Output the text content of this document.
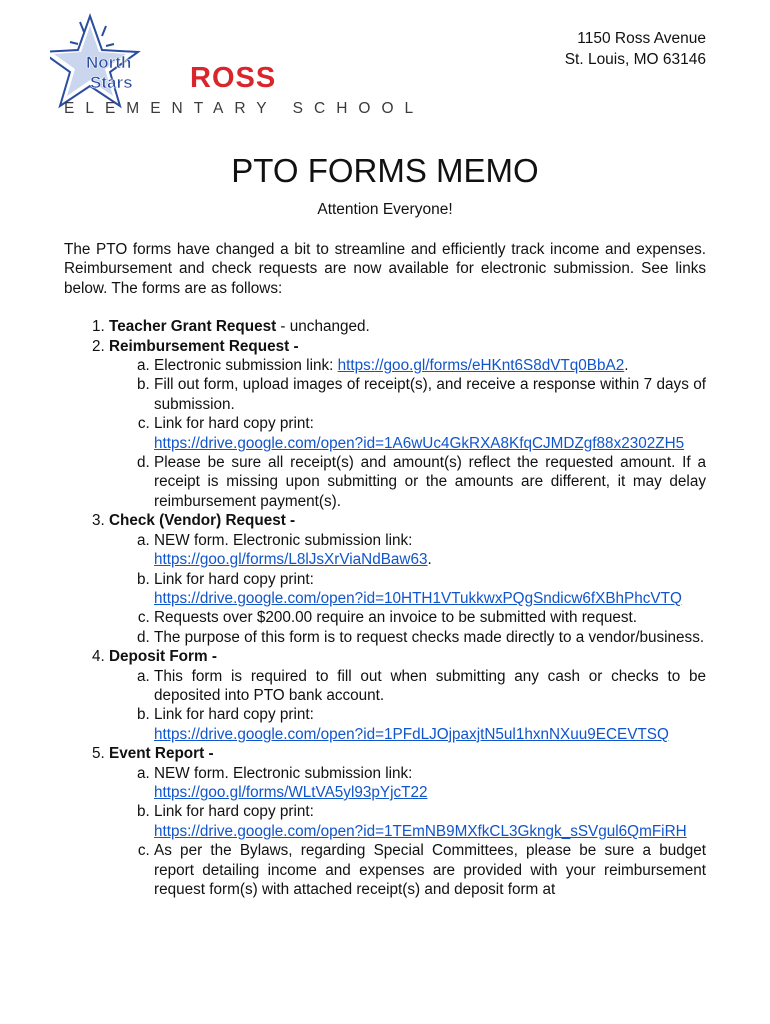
North
Stars ROSS
ELEMENTARY SCHOOL
1150 Ross Avenue
St. Louis, MO 63146
PTO FORMS MEMO
Attention Everyone!

The PTO forms have changed a bit to streamline and efficiently track income and expenses. Reimbursement and check requests are now available for electronic submission. See links below. The forms are as follows:

1. Teacher Grant Request - unchanged.
2. Reimbursement Request -
a. Electronic submission link: https://goo.gl/forms/eHKnt6S8dVTq0BbA2.
b. Fill out form, upload images of receipt(s), and receive a response within 7 days of submission.
c. Link for hard copy print:
https://drive.google.com/open?id=1A6wUc4GkRXA8KfqCJMDZgf88x2302ZH5
d. Please be sure all receipt(s) and amount(s) reflect the requested amount. If a receipt is missing upon submitting or the amounts are different, it may delay reimbursement payment(s).
3. Check (Vendor) Request -
a. NEW form. Electronic submission link:
https://goo.gl/forms/L8lJsXrViaNdBaw63.
b. Link for hard copy print:
https://drive.google.com/open?id=10HTH1VTukkwxPQgSndicw6fXBhPhcVTQ
c. Requests over $200.00 require an invoice to be submitted with request.
d. The purpose of this form is to request checks made directly to a vendor/business.
4. Deposit Form -
a. This form is required to fill out when submitting any cash or checks to be deposited into PTO bank account.
b. Link for hard copy print:
https://drive.google.com/open?id=1PFdLJOjpaxjtN5ul1hxnNXuu9ECEVTSQ
5. Event Report -
a. NEW form. Electronic submission link:
https://goo.gl/forms/WLtVA5yl93pYjcT22
b. Link for hard copy print:
https://drive.google.com/open?id=1TEmNB9MXfkCL3Gkngk_sSVgul6QmFiRH
c. As per the Bylaws, regarding Special Committees, please be sure a budget report detailing income and expenses are provided with your reimbursement request form(s) with attached receipt(s) and deposit form at
